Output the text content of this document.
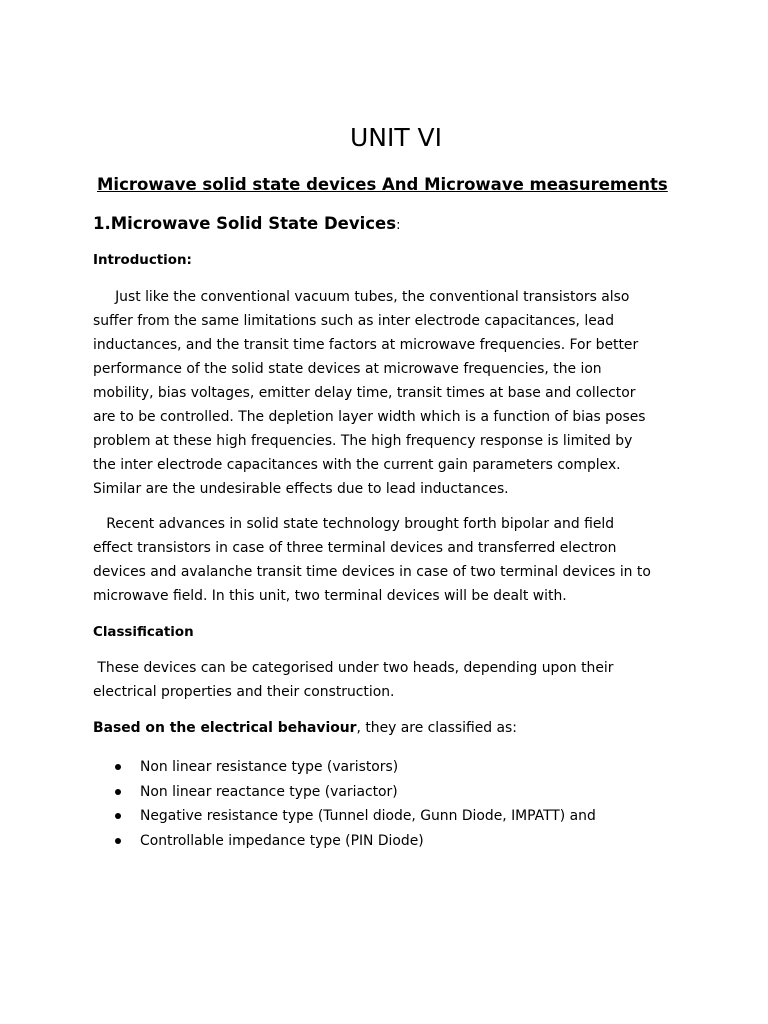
UNIT VI
Microwave solid state devices And Microwave measurements
1.Microwave Solid State Devices:

Introduction:

Just like the conventional vacuum tubes, the conventional transistors also
suffer from the same limitations such as inter electrode capacitances, lead
inductances, and the transit time factors at microwave frequencies. For better
performance of the solid state devices at microwave frequencies, the ion
mobility, bias voltages, emitter delay time, transit times at base and collector
are to be controlled. The depletion layer width which is a function of bias poses
problem at these high frequencies. The high frequency response is limited by
the inter electrode capacitances with the current gain parameters complex.
Similar are the undesirable effects due to lead inductances.

Recent advances in solid state technology brought forth bipolar and field
effect transistors in case of three terminal devices and transferred electron
devices and avalanche transit time devices in case of two terminal devices in to
microwave field. In this unit, two terminal devices will be dealt with.

Classification

These devices can be categorised under two heads, depending upon their
electrical properties and their construction.

Based on the electrical behaviour, they are classified as:

Non linear resistance type (varistors)
Non linear reactance type (variactor)
Negative resistance type (Tunnel diode, Gunn Diode, IMPATT) and
Controllable impedance type (PIN Diode)
